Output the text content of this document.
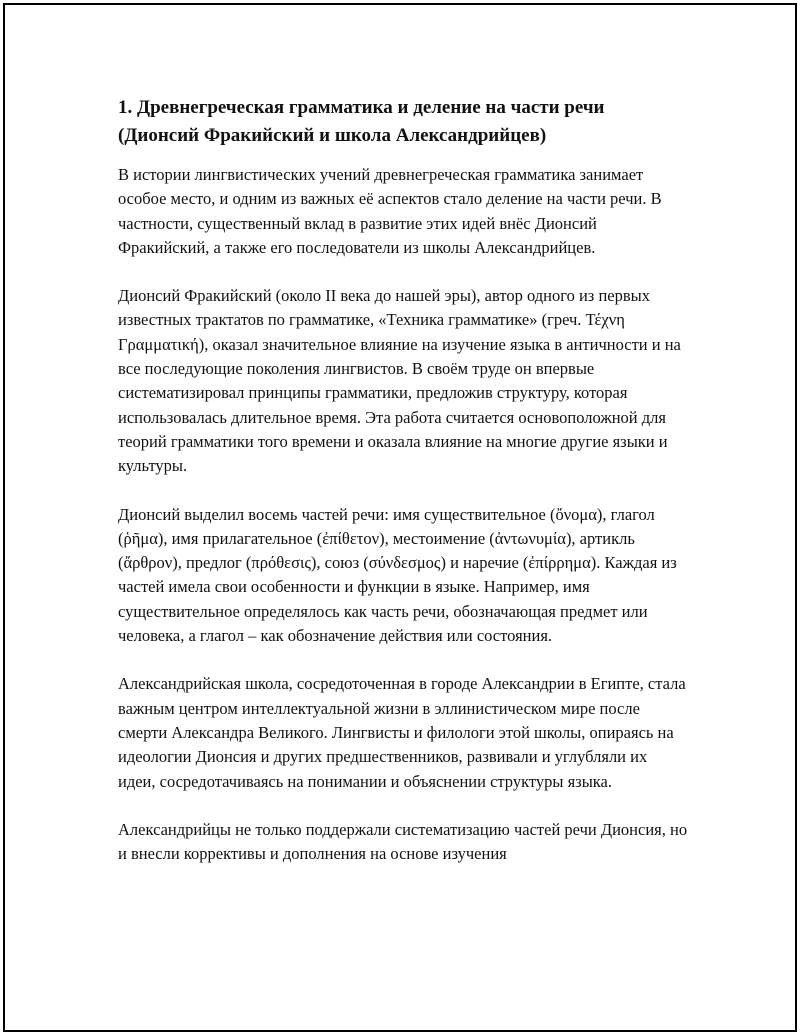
1. Древнегреческая грамматика и деление на части речи (Дионсий Фракийский и школа Александрийцев)

В истории лингвистических учений древнегреческая грамматика занимает особое место, и одним из важных её аспектов стало деление на части речи. В частности, существенный вклад в развитие этих идей внёс Дионсий Фракийский, а также его последователи из школы Александрийцев.

Дионсий Фракийский (около II века до нашей эры), автор одного из первых известных трактатов по грамматике, «Техника грамматике» (греч. Τέχνη Γραμματική), оказал значительное влияние на изучение языка в античности и на все последующие поколения лингвистов. В своём труде он впервые систематизировал принципы грамматики, предложив структуру, которая использовалась длительное время. Эта работа считается основоположной для теорий грамматики того времени и оказала влияние на многие другие языки и культуры.

Дионсий выделил восемь частей речи: имя существительное (ὄνομα), глагол (ῥῆμα), имя прилагательное (ἐπίθετον), местоимение (ἀντωνυμία), артикль (ἄρθρον), предлог (πρόθεσις), союз (σύνδεσμος) и наречие (ἐπίρρημα). Каждая из частей имела свои особенности и функции в языке. Например, имя существительное определялось как часть речи, обозначающая предмет или человека, а глагол – как обозначение действия или состояния.

Александрийская школа, сосредоточенная в городе Александрии в Египте, стала важным центром интеллектуальной жизни в эллинистическом мире после смерти Александра Великого. Лингвисты и филологи этой школы, опираясь на идеологии Дионсия и других предшественников, развивали и углубляли их идеи, сосредотачиваясь на понимании и объяснении структуры языка.

Александрийцы не только поддержали систематизацию частей речи Дионсия, но и внесли коррективы и дополнения на основе изучения
